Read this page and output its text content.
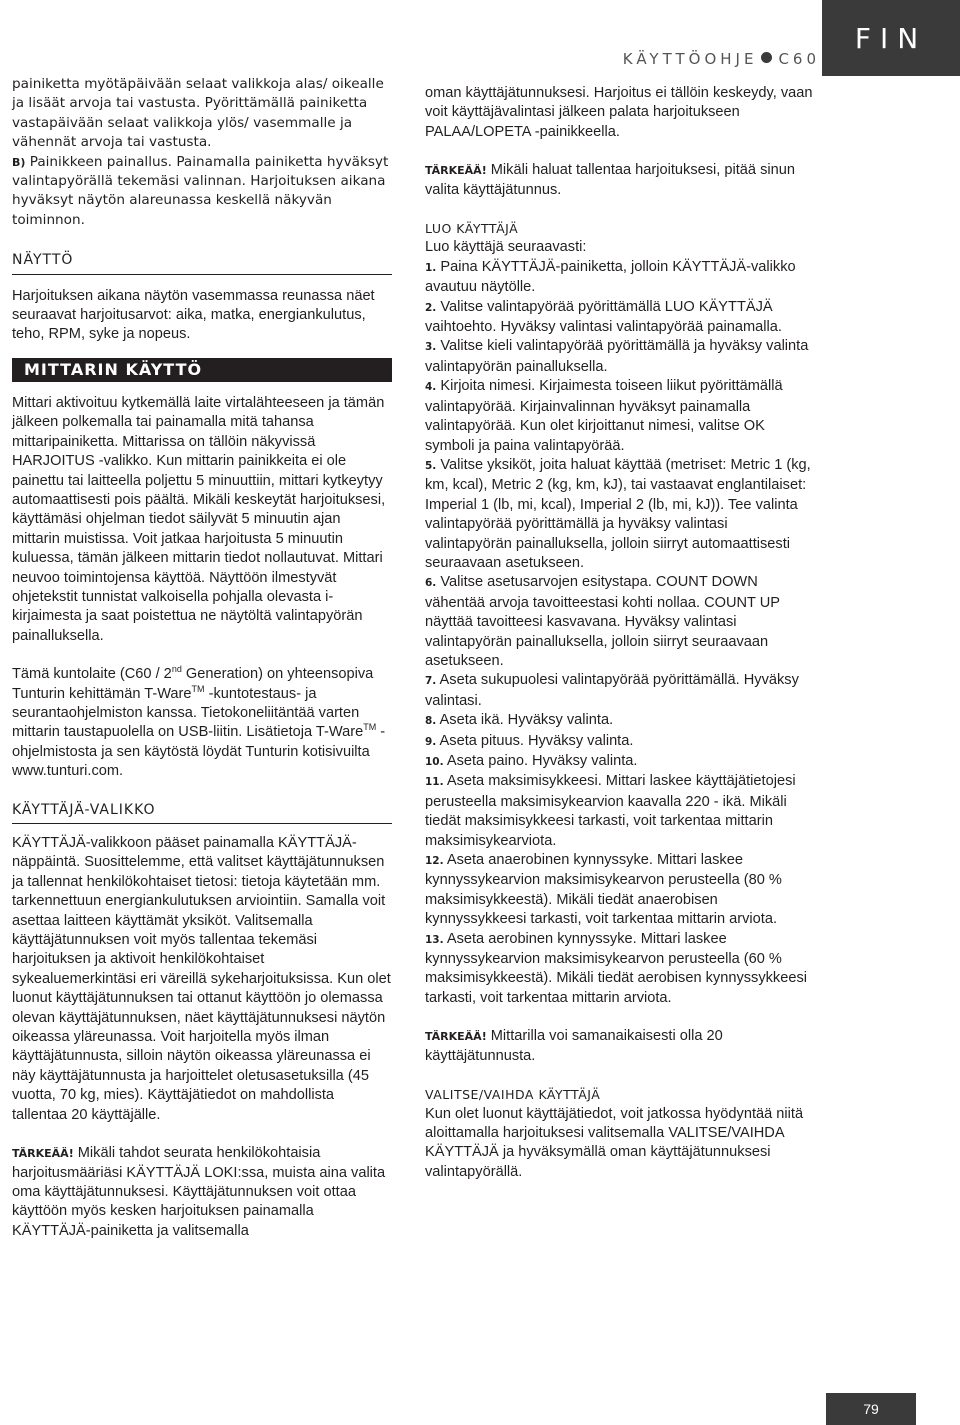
FIN
KÄYTTÖOHJE C60

painiketta myötäpäivään selaat valikkoja alas/ oikealle ja lisäät arvoja tai vastusta. Pyörittämällä painiketta vastapäivään selaat valikkoja ylös/ vasemmalle ja vähennät arvoja tai vastusta.

B) Painikkeen painallus. Painamalla painiketta hyväksyt valintapyörällä tekemäsi valinnan. Harjoituksen aikana hyväksyt näytön alareunassa keskellä näkyvän toiminnon.

NÄYTTÖ

Harjoituksen aikana näytön vasemmassa reunassa näet seuraavat harjoitusarvot: aika, matka, energiankulutus, teho, RPM, syke ja nopeus.

MITTARIN KÄYTTÖ

Mittari aktivoituu kytkemällä laite virtalähteeseen ja tämän jälkeen polkemalla tai painamalla mitä tahansa mittaripainiketta. Mittarissa on tällöin näkyvissä HARJOITUS -valikko. Kun mittarin painikkeita ei ole painettu tai laitteella poljettu 5 minuuttiin, mittari kytkeytyy automaattisesti pois päältä. Mikäli keskeytät harjoituksesi, käyttämäsi ohjelman tiedot säilyvät 5 minuutin ajan mittarin muistissa. Voit jatkaa harjoitusta 5 minuutin kuluessa, tämän jälkeen mittarin tiedot nollautuvat. Mittari neuvoo toimintojensa käyttöä. Näyttöön ilmestyvät ohjetekstit tunnistat valkoisella pohjalla olevasta i-kirjaimesta ja saat poistettua ne näytöltä valintapyörän painalluksella.

Tämä kuntolaite (C60 / 2nd Generation) on yhteensopiva Tunturin kehittämän T-Ware™ -kuntotestaus- ja seurantaohjelmiston kanssa. Tietokoneliitäntää varten mittarin taustapuolella on USB-liitin. Lisätietoja T-Ware™ -ohjelmistosta ja sen käytöstä löydät Tunturin kotisivuilta www.tunturi.com.

KÄYTTÄJÄ-VALIKKO

KÄYTTÄJÄ-valikkoon pääset painamalla KÄYTTÄJÄ-näppäintä. Suosittelemme, että valitset käyttäjätunnuksen ja tallennat henkilökohtaiset tietosi: tietoja käytetään mm. tarkennettuun energiankulutuksen arviointiin. Samalla voit asettaa laitteen käyttämät yksiköt. Valitsemalla käyttäjätunnuksen voit myös tallentaa tekemäsi harjoituksen ja aktivoit henkilökohtaiset sykealuemerkintäsi eri väreillä sykeharjoituksissa. Kun olet luonut käyttäjätunnuksen tai ottanut käyttöön jo olemassa olevan käyttäjätunnuksen, näet käyttäjätunnuksesi näytön oikeassa yläreunassa. Voit harjoitella myös ilman käyttäjätunnusta, silloin näytön oikeassa yläreunassa ei näy käyttäjätunnusta ja harjoittelet oletusasetuksilla (45 vuotta, 70 kg, mies). Käyttäjätiedot on mahdollista tallentaa 20 käyttäjälle.

TÄRKEÄÄ! Mikäli tahdot seurata henkilökohtaisia harjoitusmääriäsi KÄYTTÄJÄ LOKI:ssa, muista aina valita oma käyttäjätunnuksesi. Käyttäjätunnuksen voit ottaa käyttöön myös kesken harjoituksen painamalla KÄYTTÄJÄ-painiketta ja valitsemalla

oman käyttäjätunnuksesi. Harjoitus ei tällöin keskeydy, vaan voit käyttäjävalintasi jälkeen palata harjoitukseen PALAA/LOPETA -painikkeella.

TÄRKEÄÄ! Mikäli haluat tallentaa harjoituksesi, pitää sinun valita käyttäjätunnus.

LUO KÄYTTÄJÄ

Luo käyttäjä seuraavasti:

1. Paina KÄYTTÄJÄ-painiketta, jolloin KÄYTTÄJÄ-valikko avautuu näytölle.

2. Valitse valintapyörää pyörittämällä LUO KÄYTTÄJÄ vaihtoehto. Hyväksy valintasi valintapyörää painamalla.

3. Valitse kieli valintapyörää pyörittämällä ja hyväksy valinta valintapyörän painalluksella.

4. Kirjoita nimesi. Kirjaimesta toiseen liikut pyörittämällä valintapyörää. Kirjainvalinnan hyväksyt painamalla valintapyörää. Kun olet kirjoittanut nimesi, valitse OK symboli ja paina valintapyörää.

5. Valitse yksiköt, joita haluat käyttää (metriset: Metric 1 (kg, km, kcal), Metric 2 (kg, km, kJ), tai vastaavat englantilaiset: Imperial 1 (lb, mi, kcal), Imperial 2 (lb, mi, kJ)). Tee valinta valintapyörää pyörittämällä ja hyväksy valintasi valintapyörän painalluksella, jolloin siirryt automaattisesti seuraavaan asetukseen.

6. Valitse asetusarvojen esitystapa. COUNT DOWN vähentää arvoja tavoitteestasi kohti nollaa. COUNT UP näyttää tavoitteesi kasvavana. Hyväksy valintasi valintapyörän painalluksella, jolloin siirryt seuraavaan asetukseen.

7. Aseta sukupuolesi valintapyörää pyörittämällä. Hyväksy valintasi.

8. Aseta ikä. Hyväksy valinta.

9. Aseta pituus. Hyväksy valinta.

10. Aseta paino. Hyväksy valinta.

11. Aseta maksimisykkeesi. Mittari laskee käyttäjätietojesi perusteella maksimisykearvion kaavalla 220 - ikä. Mikäli tiedät maksimisykkeesi tarkasti, voit tarkentaa mittarin maksimisykearviota.

12. Aseta anaerobinen kynnyssyke. Mittari laskee kynnyssykearvion maksimisykearvon perusteella (80 % maksimisykkeestä). Mikäli tiedät anaerobisen kynnyssykkeesi tarkasti, voit tarkentaa mittarin arviota.

13. Aseta aerobinen kynnyssyke. Mittari laskee kynnyssykearvion maksimisykearvon perusteella (60 % maksimisykkeestä). Mikäli tiedät aerobisen kynnyssykkeesi tarkasti, voit tarkentaa mittarin arviota.

TÄRKEÄÄ! Mittarilla voi samanaikaisesti olla 20 käyttäjätunnusta.

VALITSE/VAIHDA KÄYTTÄJÄ

Kun olet luonut käyttäjätiedot, voit jatkossa hyödyntää niitä aloittamalla harjoituksesi valitsemalla VALITSE/VAIHDA KÄYTTÄJÄ ja hyväksymällä oman käyttäjätunnuksesi valintapyörällä.

79
